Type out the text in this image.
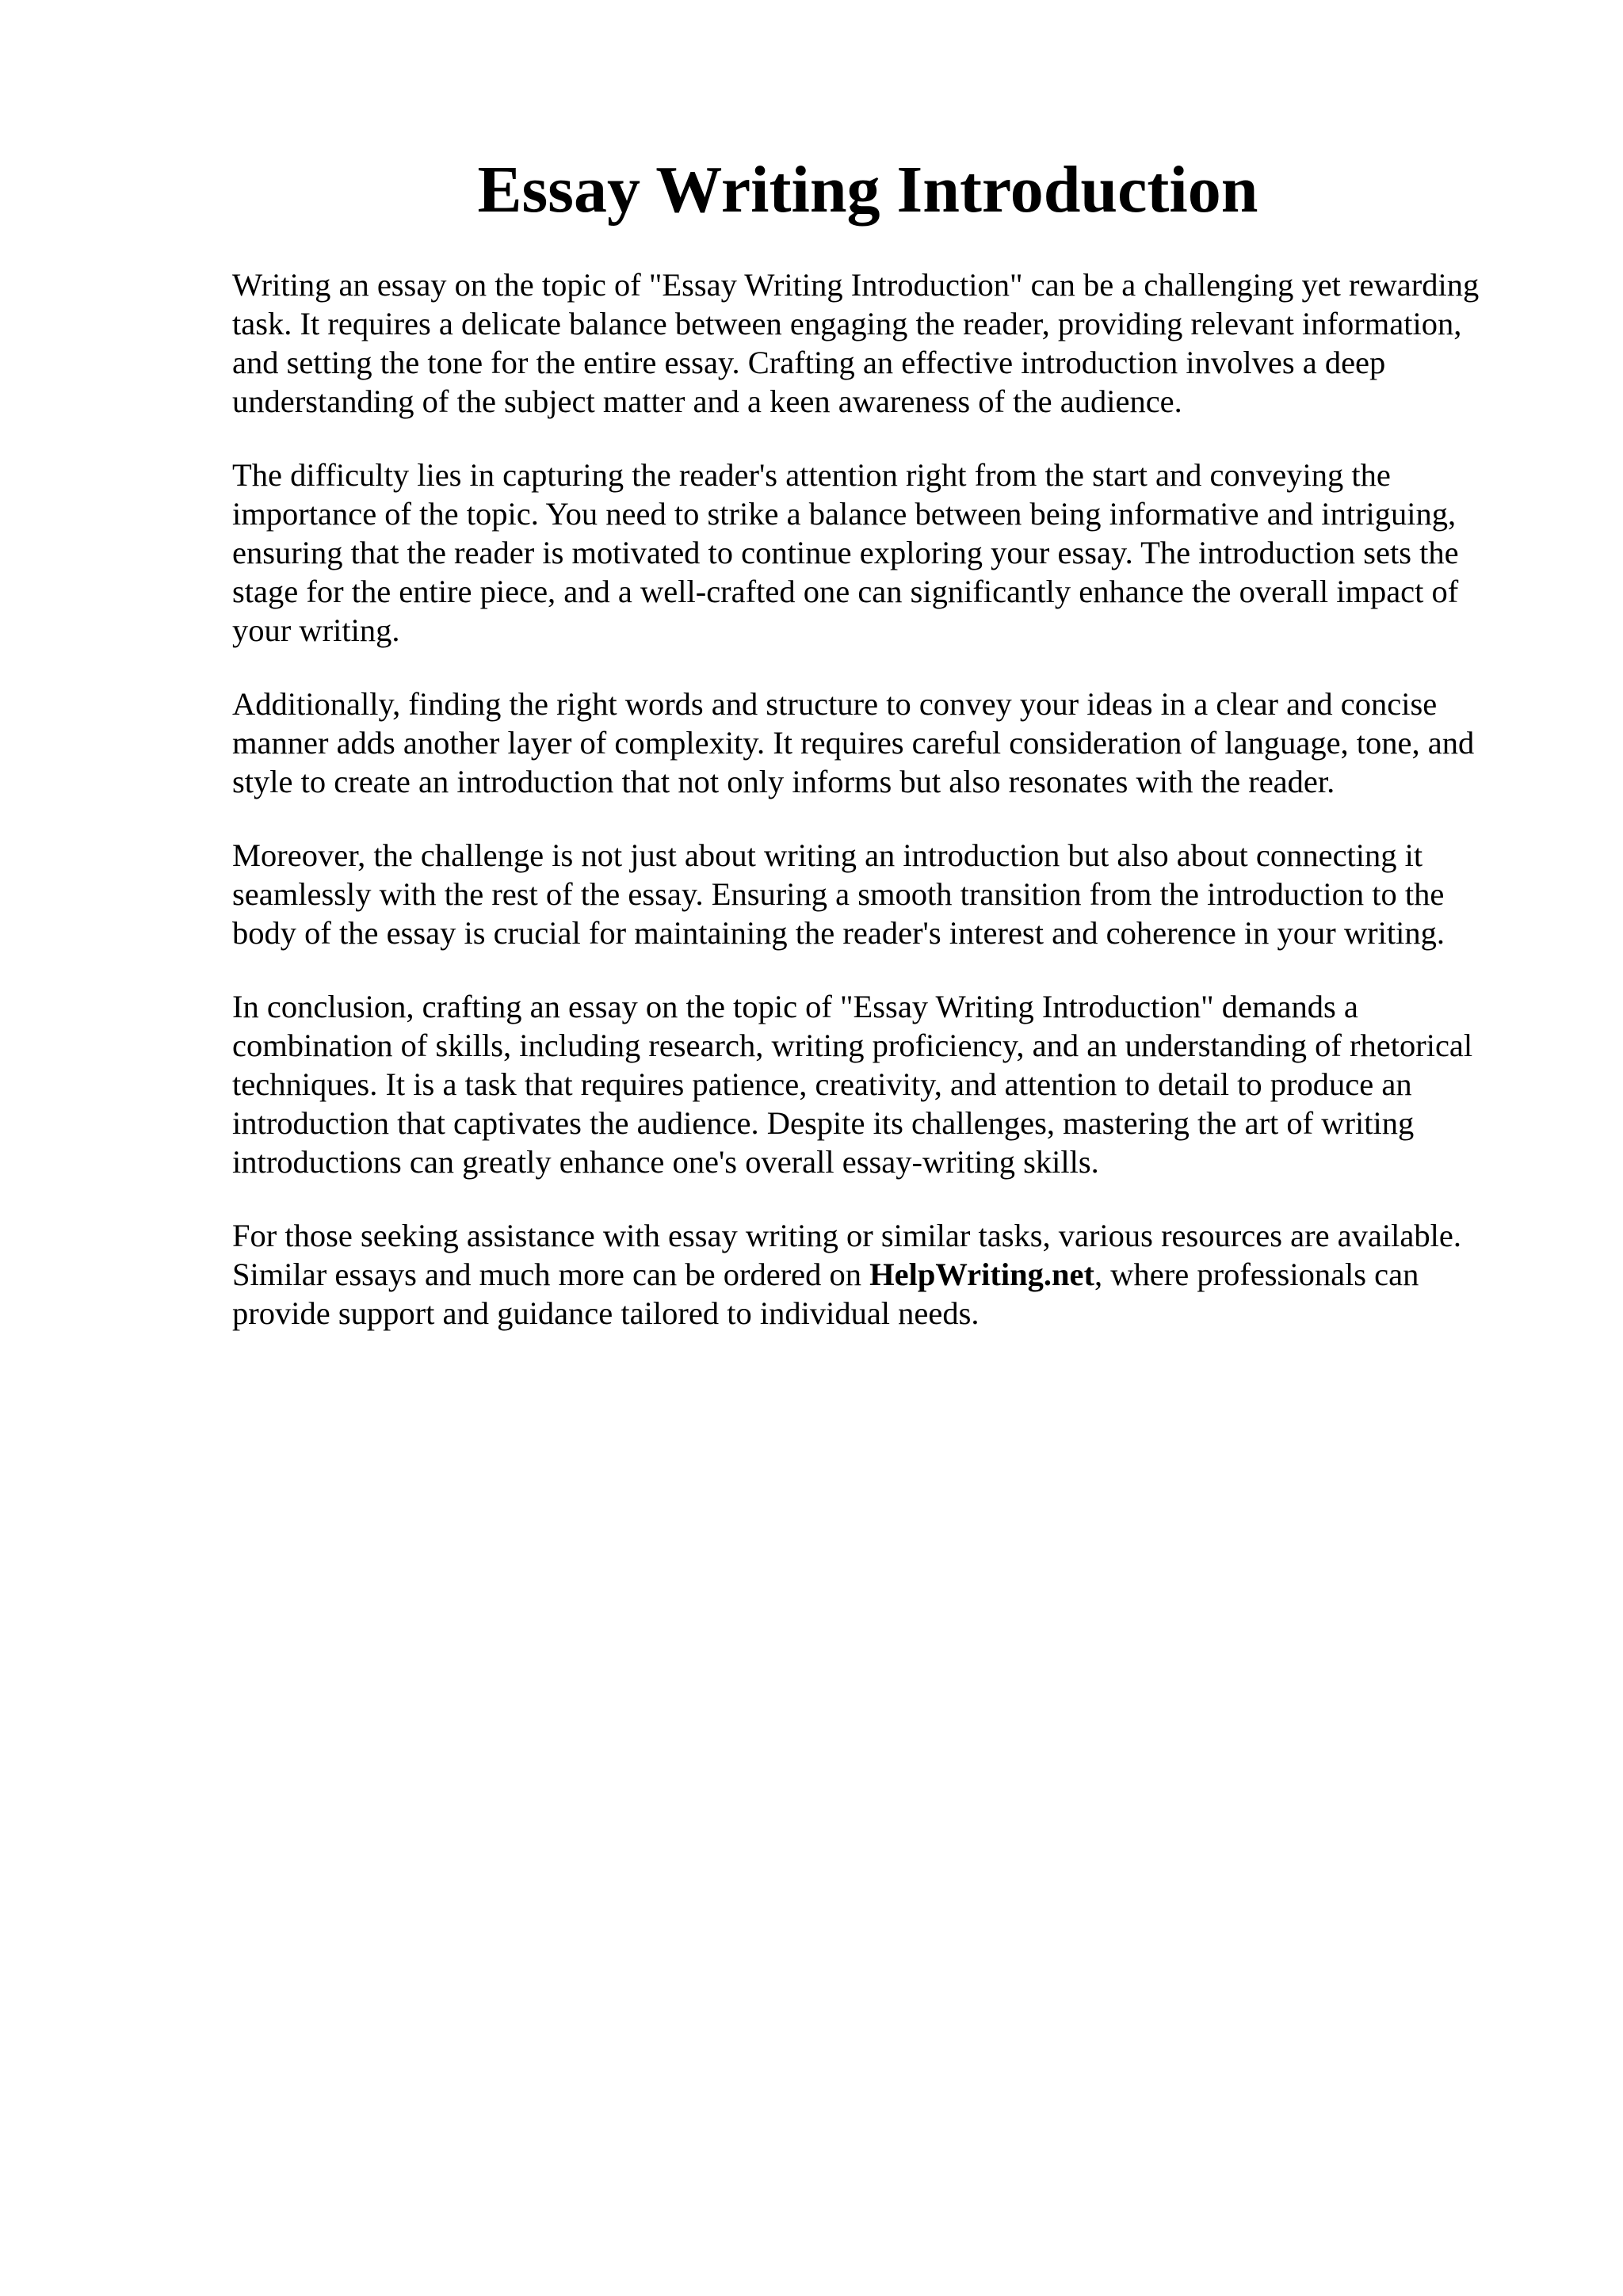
Essay Writing Introduction

Writing an essay on the topic of "Essay Writing Introduction" can be a challenging yet rewarding
task. It requires a delicate balance between engaging the reader, providing relevant information,
and setting the tone for the entire essay. Crafting an effective introduction involves a deep
understanding of the subject matter and a keen awareness of the audience.

The difficulty lies in capturing the reader's attention right from the start and conveying the
importance of the topic. You need to strike a balance between being informative and intriguing,
ensuring that the reader is motivated to continue exploring your essay. The introduction sets the
stage for the entire piece, and a well-crafted one can significantly enhance the overall impact of
your writing.

Additionally, finding the right words and structure to convey your ideas in a clear and concise
manner adds another layer of complexity. It requires careful consideration of language, tone, and
style to create an introduction that not only informs but also resonates with the reader.

Moreover, the challenge is not just about writing an introduction but also about connecting it
seamlessly with the rest of the essay. Ensuring a smooth transition from the introduction to the
body of the essay is crucial for maintaining the reader's interest and coherence in your writing.

In conclusion, crafting an essay on the topic of "Essay Writing Introduction" demands a
combination of skills, including research, writing proficiency, and an understanding of rhetorical
techniques. It is a task that requires patience, creativity, and attention to detail to produce an
introduction that captivates the audience. Despite its challenges, mastering the art of writing
introductions can greatly enhance one's overall essay-writing skills.

For those seeking assistance with essay writing or similar tasks, various resources are available.
Similar essays and much more can be ordered on HelpWriting.net, where professionals can
provide support and guidance tailored to individual needs.
